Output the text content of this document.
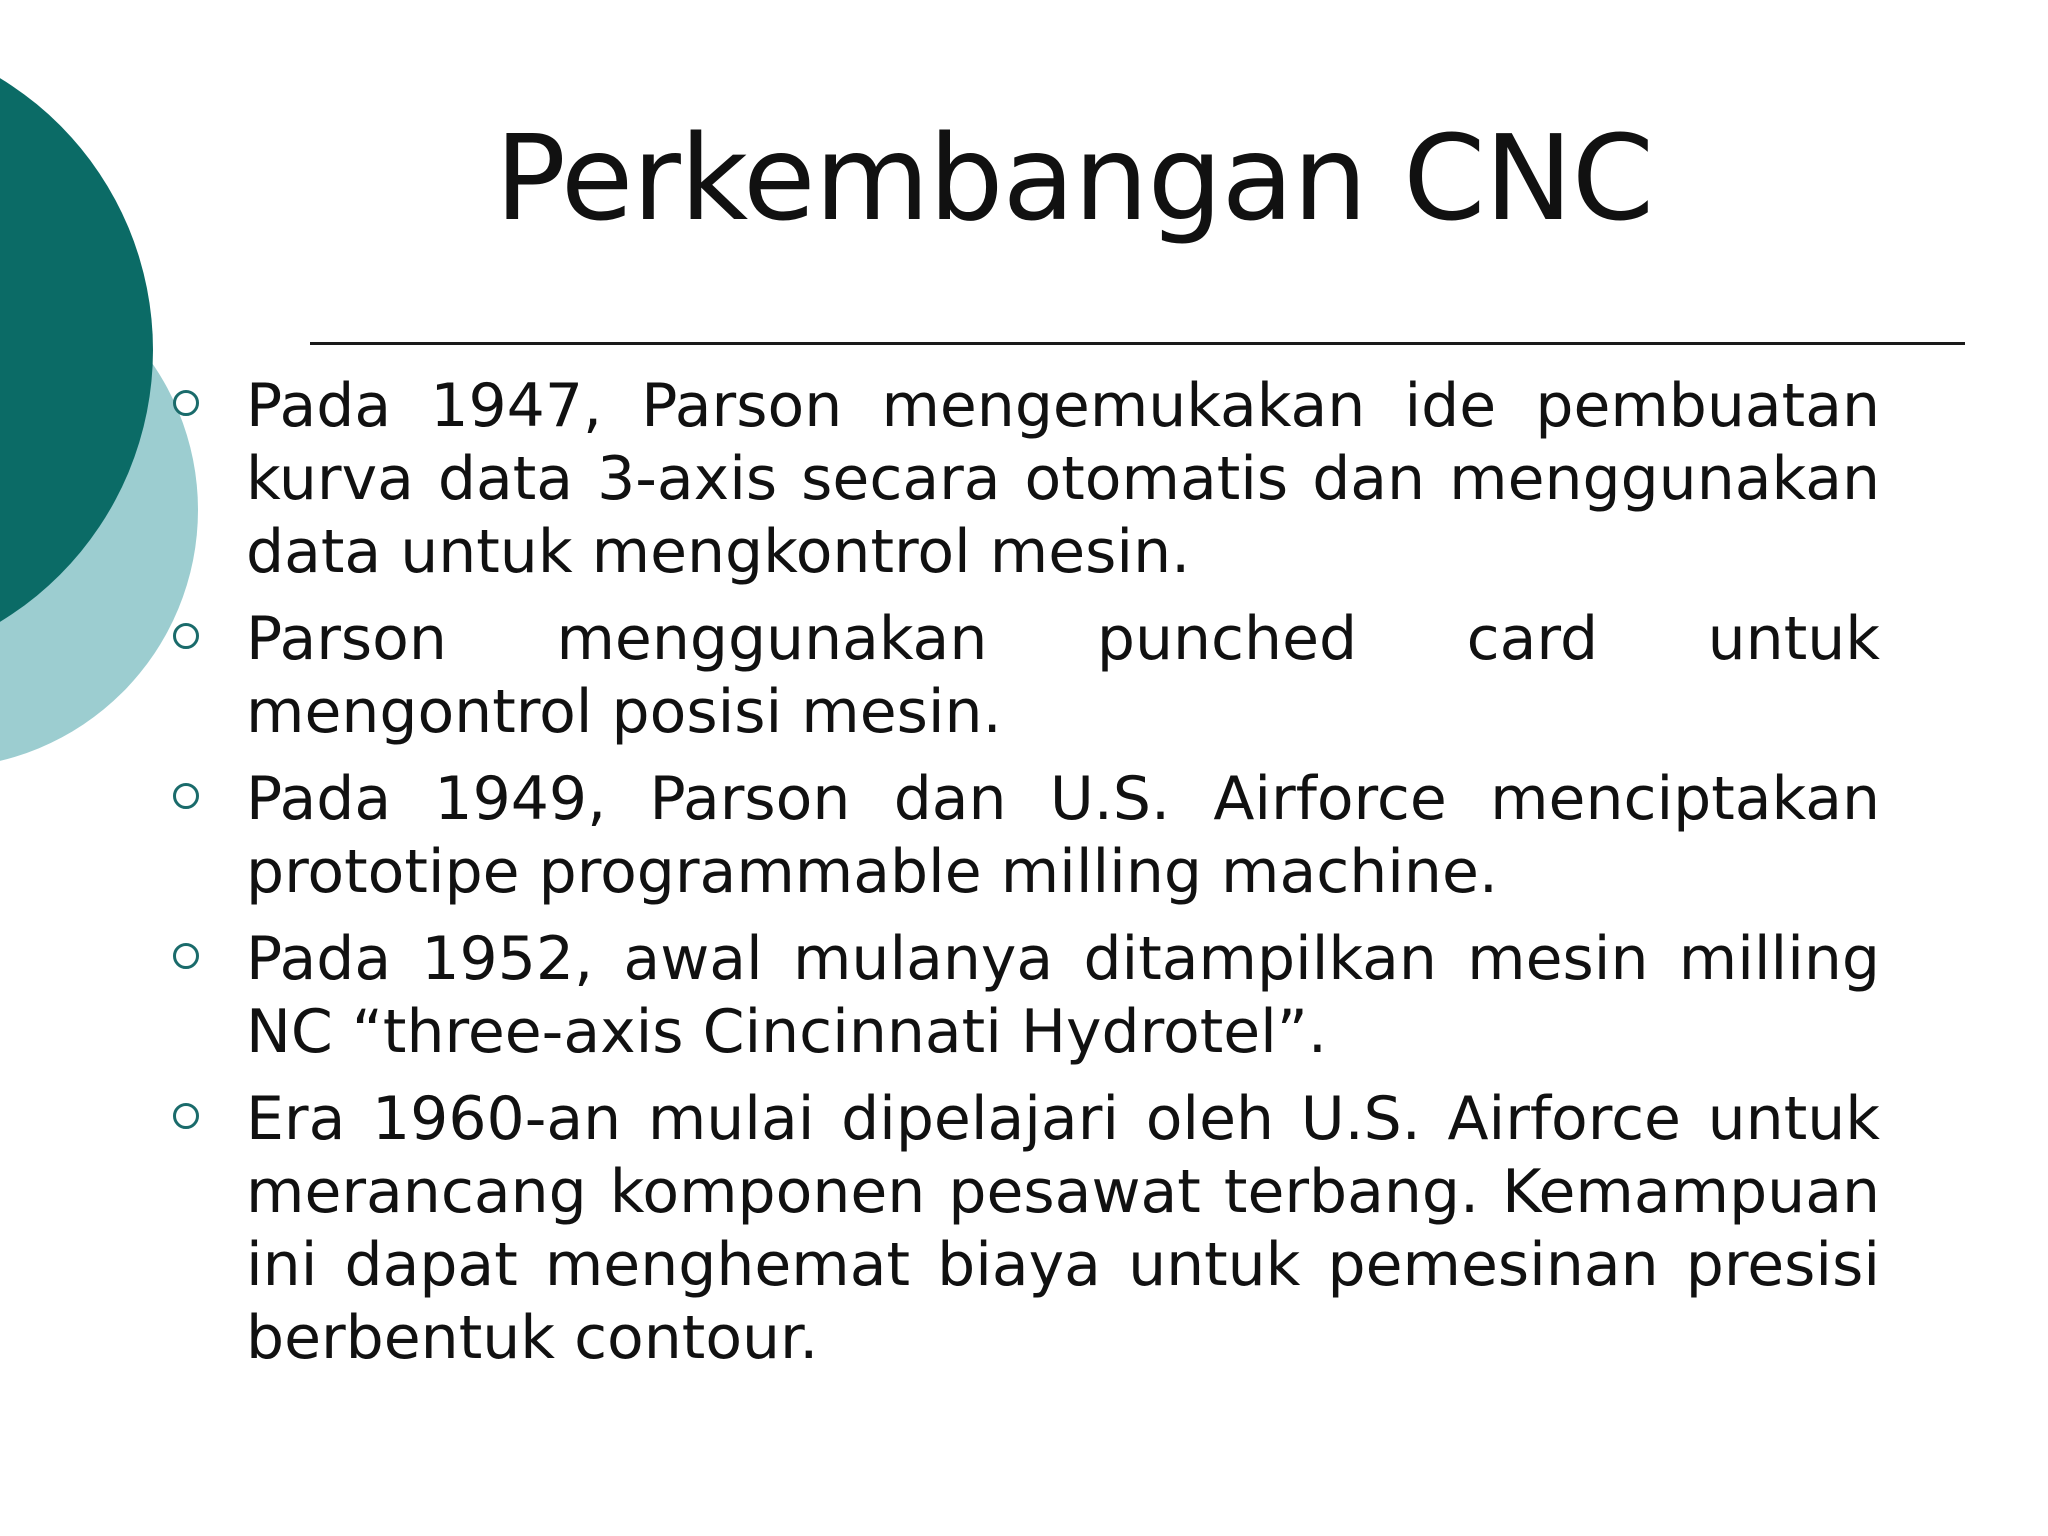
Perkembangan CNC
Pada 1947, Parson mengemukakan ide pembuatan kurva data 3-axis secara otomatis dan menggunakan data untuk mengkontrol mesin.
Parson menggunakan punched card untuk mengontrol posisi mesin.
Pada 1949, Parson dan U.S. Airforce menciptakan prototipe programmable milling machine.
Pada 1952, awal mulanya ditampilkan mesin milling NC “three-axis Cincinnati Hydrotel”.
Era 1960-an mulai dipelajari oleh U.S. Airforce untuk merancang komponen pesawat terbang. Kemampuan ini dapat menghemat biaya untuk pemesinan presisi berbentuk contour.
